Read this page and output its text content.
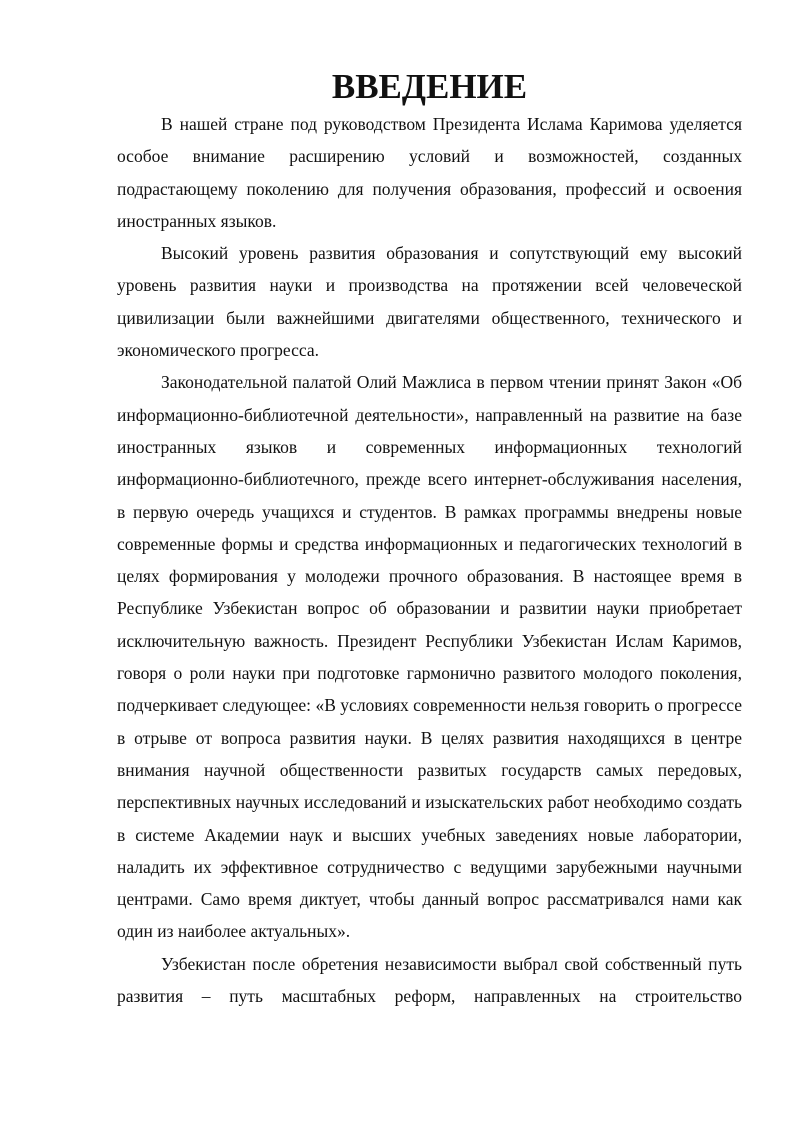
ВВЕДЕНИЕ

В нашей стране под руководством Президента Ислама Каримова уделяется особое внимание расширению условий и возможностей, созданных подрастающему поколению для получения образования, профессий и освоения иностранных языков.

Высокий уровень развития образования и сопутствующий ему высокий уровень развития науки и производства на протяжении всей человеческой цивилизации были важнейшими двигателями общественного, технического и экономического прогресса.

Законодательной палатой Олий Мажлиса в первом чтении принят Закон «Об информационно-библиотечной деятельности», направленный на развитие на базе иностранных языков и современных информационных технологий информационно-библиотечного, прежде всего интернет-обслуживания населения, в первую очередь учащихся и студентов. В рамках программы внедрены новые современные формы и средства информационных и педагогических технологий в целях формирования у молодежи прочного образования. В настоящее время в Республике Узбекистан вопрос об образовании и развитии науки приобретает исключительную важность. Президент Республики Узбекистан Ислам Каримов, говоря о роли науки при подготовке гармонично развитого молодого поколения, подчеркивает следующее: «В условиях современности нельзя говорить о прогрессе в отрыве от вопроса развития науки. В целях развития находящихся в центре внимания научной общественности развитых государств самых передовых, перспективных научных исследований и изыскательских работ необходимо создать в системе Академии наук и высших учебных заведениях новые лаборатории, наладить их эффективное сотрудничество с ведущими зарубежными научными центрами. Само время диктует, чтобы данный вопрос рассматривался нами как один из наиболее актуальных».

Узбекистан после обретения независимости выбрал свой собственный путь развития – путь масштабных реформ, направленных на строительство
